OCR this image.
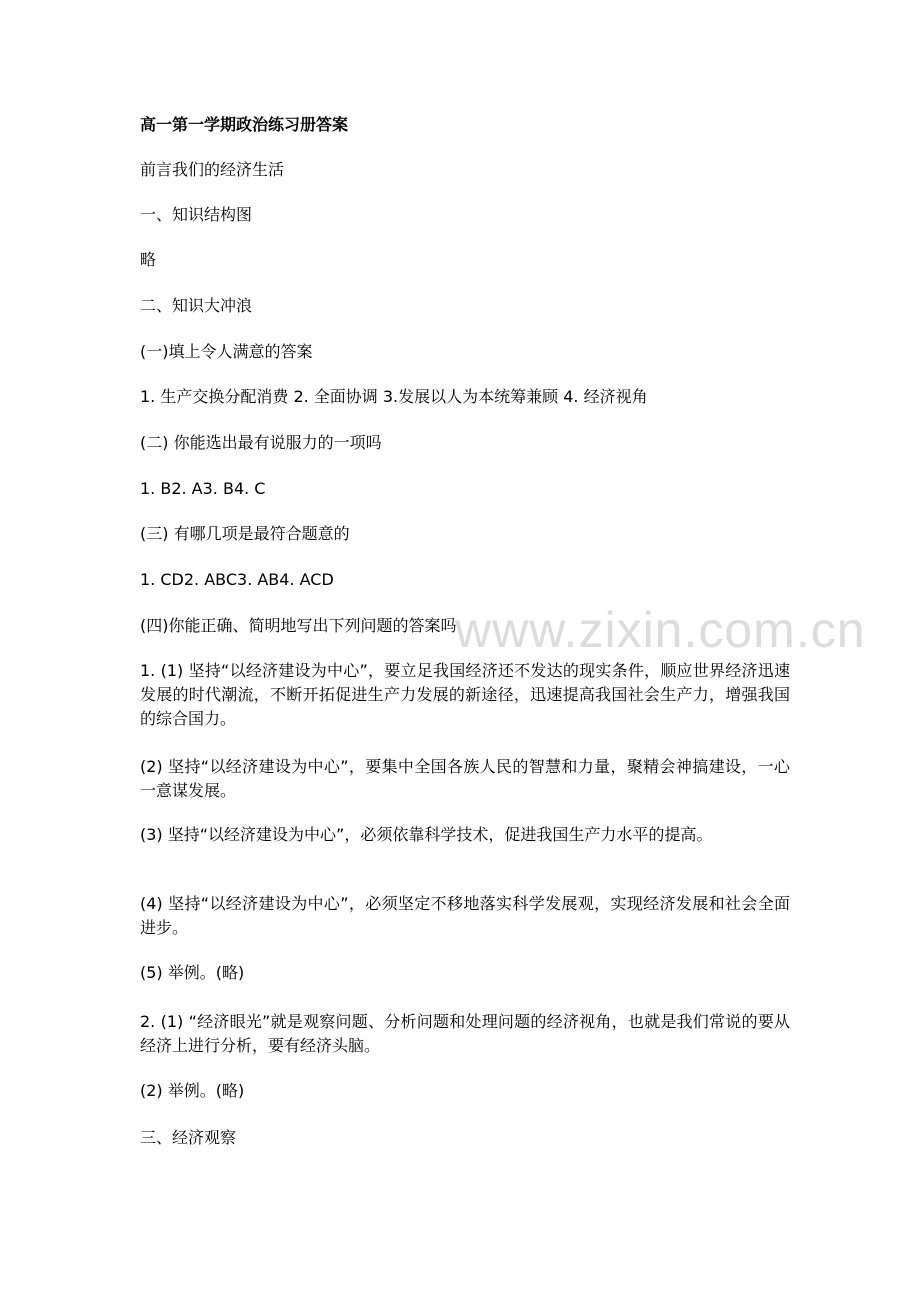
www.zixin.com.cn

高一第一学期政治练习册答案

前言我们的经济生活

一、知识结构图

略

二、知识大冲浪

(一)填上令人满意的答案

1. 生产交换分配消费 2. 全面协调 3.发展以人为本统筹兼顾 4. 经济视角

(二) 你能选出最有说服力的一项吗

1. B2. A3. B4. C

(三) 有哪几项是最符合题意的

1. CD2. ABC3. AB4. ACD

(四)你能正确、简明地写出下列问题的答案吗

1. (1) 坚持“以经济建设为中心”，要立足我国经济还不发达的现实条件，顺应世界经济迅速发展的时代潮流，不断开拓促进生产力发展的新途径，迅速提高我国社会生产力，增强我国的综合国力。

(2) 坚持“以经济建设为中心”，要集中全国各族人民的智慧和力量，聚精会神搞建设，一心一意谋发展。

(3) 坚持“以经济建设为中心”，必须依靠科学技术，促进我国生产力水平的提高。

(4) 坚持“以经济建设为中心”，必须坚定不移地落实科学发展观，实现经济发展和社会全面进步。

(5) 举例。(略)

2. (1) “经济眼光”就是观察问题、分析问题和处理问题的经济视角，也就是我们常说的要从经济上进行分析，要有经济头脑。

(2) 举例。(略)

三、经济观察
